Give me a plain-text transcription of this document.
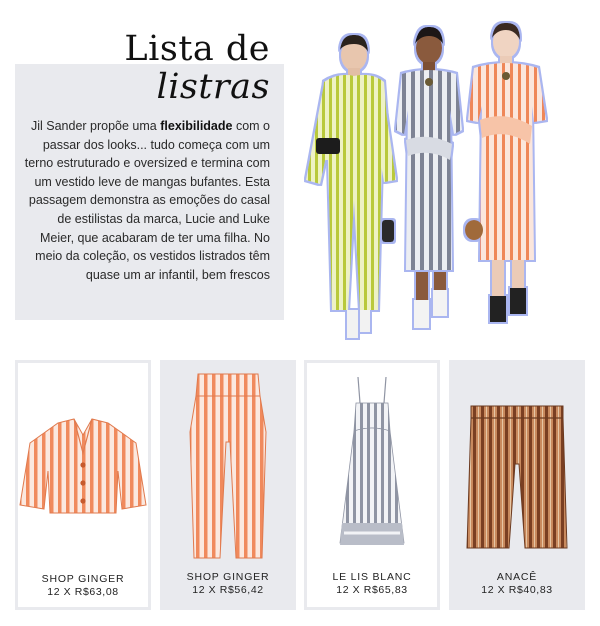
Lista de
listras

Jil Sander propõe uma flexibilidade com o passar dos looks... tudo começa com um terno estruturado e oversized e termina com um vestido leve de mangas bufantes. Esta passagem demonstra as emoções do casal de estilistas da marca, Lucie and Luke Meier, que acabaram de ter uma filha. No meio da coleção, os vestidos listrados têm quase um ar infantil, bem frescos

SHOP GINGER
12 X R$63,08
SHOP GINGER
12 X R$56,42
LE LIS BLANC
12 X R$65,83
ANACÊ
12 X R$40,83
